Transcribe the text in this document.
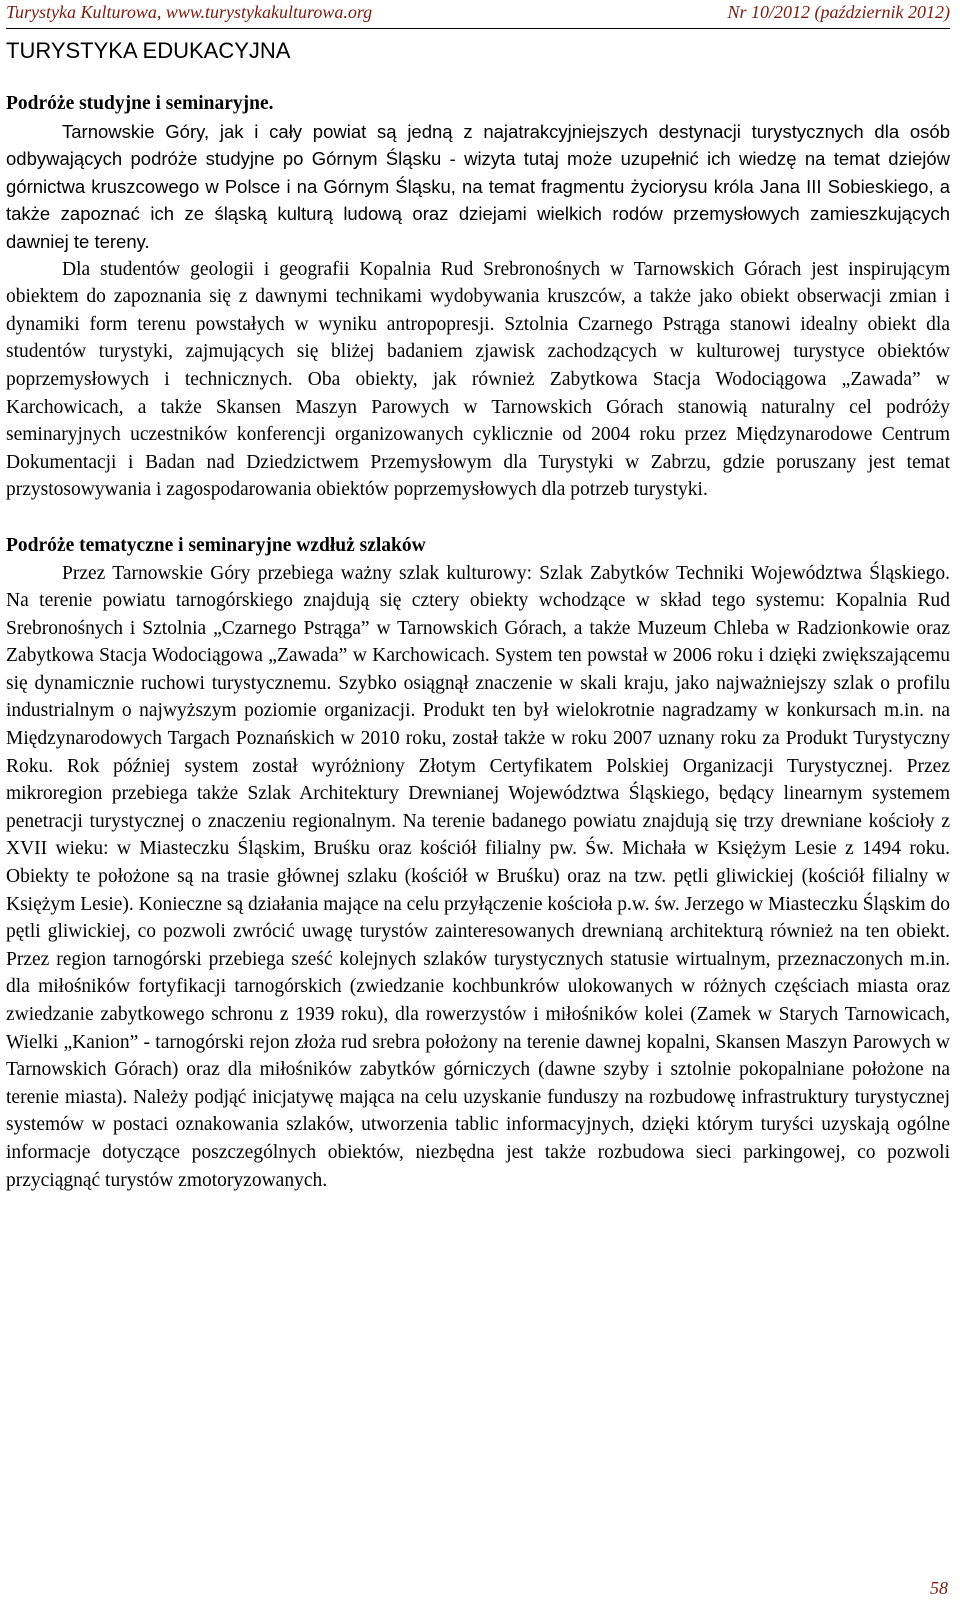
Turystyka Kulturowa, www.turystykakulturowa.org	Nr 10/2012 (październik 2012)
TURYSTYKA EDUKACYJNA

Podróże studyjne i seminaryjne.

Tarnowskie Góry, jak i cały powiat są jedną z najatrakcyjniejszych destynacji turystycznych dla osób odbywających podróże studyjne po Górnym Śląsku - wizyta tutaj może uzupełnić ich wiedzę na temat dziejów górnictwa kruszcowego w Polsce i na Górnym Śląsku, na temat fragmentu życiorysu króla Jana III Sobieskiego, a także zapoznać ich ze śląską kulturą ludową oraz dziejami wielkich rodów przemysłowych zamieszkujących dawniej te tereny.

Dla studentów geologii i geografii Kopalnia Rud Srebronośnych w Tarnowskich Górach jest inspirującym obiektem do zapoznania się z dawnymi technikami wydobywania kruszców, a także jako obiekt obserwacji zmian i dynamiki form terenu powstałych w wyniku antropopresji. Sztolnia Czarnego Pstrąga stanowi idealny obiekt dla studentów turystyki, zajmujących się bliżej badaniem zjawisk zachodzących w kulturowej turystyce obiektów poprzemysłowych i technicznych. Oba obiekty, jak również Zabytkowa Stacja Wodociągowa „Zawada” w Karchowicach, a także Skansen Maszyn Parowych w Tarnowskich Górach stanowią naturalny cel podróży seminaryjnych uczestników konferencji organizowanych cyklicznie od 2004 roku przez Międzynarodowe Centrum Dokumentacji i Badan nad Dziedzictwem Przemysłowym dla Turystyki w Zabrzu, gdzie poruszany jest temat przystosowywania i zagospodarowania obiektów poprzemysłowych dla potrzeb turystyki.

Podróże tematyczne i seminaryjne wzdłuż szlaków

Przez Tarnowskie Góry przebiega ważny szlak kulturowy: Szlak Zabytków Techniki Województwa Śląskiego. Na terenie powiatu tarnogórskiego znajdują się cztery obiekty wchodzące w skład tego systemu: Kopalnia Rud Srebronośnych i Sztolnia „Czarnego Pstrąga” w Tarnowskich Górach, a także Muzeum Chleba w Radzionkowie oraz Zabytkowa Stacja Wodociągowa „Zawada” w Karchowicach. System ten powstał w 2006 roku i dzięki zwiększającemu się dynamicznie ruchowi turystycznemu. Szybko osiągnął znaczenie w skali kraju, jako najważniejszy szlak o profilu industrialnym o najwyższym poziomie organizacji. Produkt ten był wielokrotnie nagradzamy w konkursach m.in. na Międzynarodowych Targach Poznańskich w 2010 roku, został także w roku 2007 uznany roku za Produkt Turystyczny Roku. Rok później system został wyróżniony Złotym Certyfikatem Polskiej Organizacji Turystycznej. Przez mikroregion przebiega także Szlak Architektury Drewnianej Województwa Śląskiego, będący linearnym systemem penetracji turystycznej o znaczeniu regionalnym. Na terenie badanego powiatu znajdują się trzy drewniane kościoły z XVII wieku: w Miasteczku Śląskim, Bruśku oraz kościół filialny pw. Św. Michała w Księżym Lesie z 1494 roku. Obiekty te położone są na trasie głównej szlaku (kościół w Bruśku) oraz na tzw. pętli gliwickiej (kościół filialny w Księżym Lesie). Konieczne są działania mające na celu przyłączenie kościoła p.w. św. Jerzego w Miasteczku Śląskim do pętli gliwickiej, co pozwoli zwrócić uwagę turystów zainteresowanych drewnianą architekturą również na ten obiekt. Przez region tarnogórski przebiega sześć kolejnych szlaków turystycznych statusie wirtualnym, przeznaczonych m.in. dla miłośników fortyfikacji tarnogórskich (zwiedzanie kochbunkrów ulokowanych w różnych częściach miasta oraz zwiedzanie zabytkowego schronu z 1939 roku), dla rowerzystów i miłośników kolei (Zamek w Starych Tarnowicach, Wielki „Kanion” - tarnogórski rejon złoża rud srebra położony na terenie dawnej kopalni, Skansen Maszyn Parowych w Tarnowskich Górach) oraz dla miłośników zabytków górniczych (dawne szyby i sztolnie pokopalniane położone na terenie miasta). Należy podjąć inicjatywę mająca na celu uzyskanie funduszy na rozbudowę infrastruktury turystycznej systemów w postaci oznakowania szlaków, utworzenia tablic informacyjnych, dzięki którym turyści uzyskają ogólne informacje dotyczące poszczególnych obiektów, niezbędna jest także rozbudowa sieci parkingowej, co pozwoli przyciągnąć turystów zmotoryzowanych.

58
